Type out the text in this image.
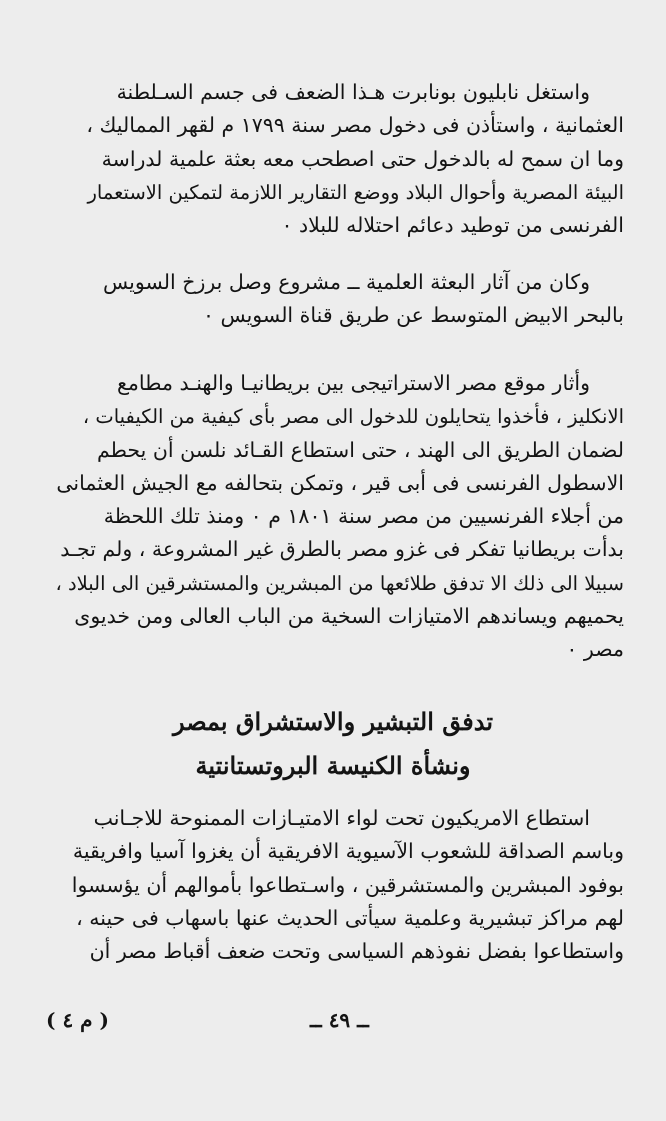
واستغل نابليون بونابرت هـذا الضعف فى جسم السـلطنة
العثمانية ، واستأذن فى دخول مصر سنة ١٧٩٩ م لقهر المماليك ،
وما ان سمح له بالدخول حتى اصطحب معه بعثة علمية لدراسة
البيئة المصرية وأحوال البلاد ووضع التقارير اللازمة لتمكين الاستعمار
الفرنسى من توطيد دعائم احتلاله للبلاد ٠
وكان من آثار البعثة العلمية ــ مشروع وصل برزخ السويس
بالبحر الابيض المتوسط عن طريق قناة السويس ٠
وأثار موقع مصر الاستراتيجى بين بريطانيـا والهنـد مطامع
الانكليز ، فأخذوا يتحايلون للدخول الى مصر بأى كيفية من الكيفيات ،
لضمان الطريق الى الهند ، حتى استطاع القـائد نلسن أن يحطم
الاسطول الفرنسى فى أبى قير ، وتمكن بتحالفه مع الجيش العثمانى
من أجلاء الفرنسيين من مصر سنة ١٨٠١ م ٠ ومنذ تلك اللحظة
بدأت بريطانيا تفكر فى غزو مصر بالطرق غير المشروعة ، ولم تجـد
سبيلا الى ذلك الا تدفق طلائعها من المبشرين والمستشرقين الى البلاد ،
يحميهم ويساندهم الامتيازات السخية من الباب العالى ومن خديوى
مصر ٠
تدفق التبشير والاستشراق بمصر
ونشأة الكنيسة البروتستانتية
استطاع الامريكيون تحت لواء الامتيـازات الممنوحة للاجـانب
وباسم الصداقة للشعوب الآسيوية الافريقية أن يغزوا آسيا وافريقية
بوفود المبشرين والمستشرقين ، واسـتطاعوا بأموالهم أن يؤسسوا
لهم مراكز تبشيرية وعلمية سيأتى الحديث عنها باسهاب فى حينه ،
واستطاعوا بفضل نفوذهم السياسى وتحت ضعف أقباط مصر أن
( م ٤ )	ــ ٤٩ ــ
